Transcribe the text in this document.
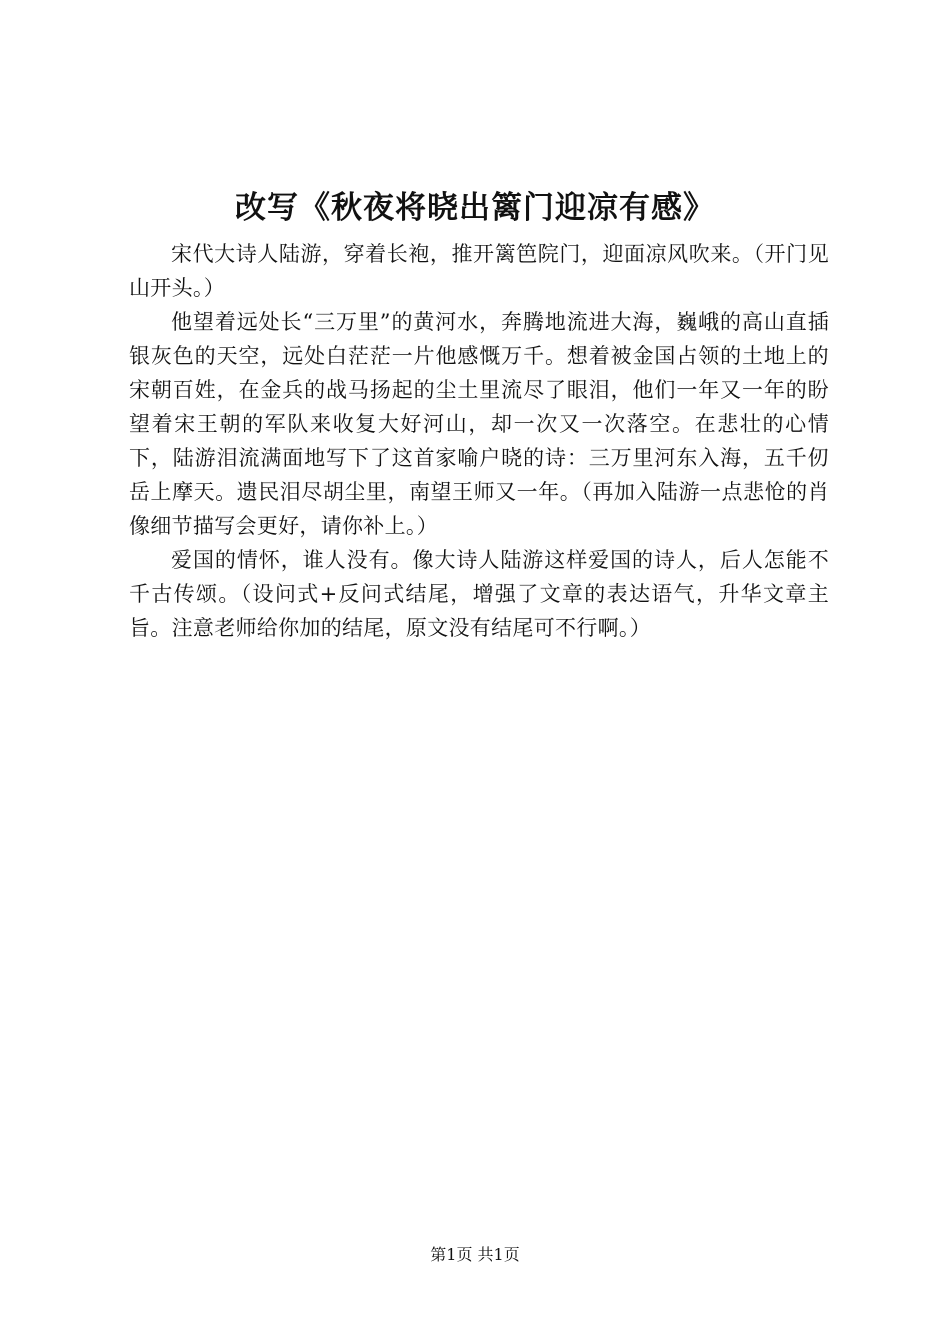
改写《秋夜将晓出篱门迎凉有感》

宋代大诗人陆游，穿着长袍，推开篱笆院门，迎面凉风吹来。（开门见山开头。）

他望着远处长“三万里”的黄河水，奔腾地流进大海，巍峨的高山直插银灰色的天空，远处白茫茫一片他感慨万千。想着被金国占领的土地上的宋朝百姓，在金兵的战马扬起的尘土里流尽了眼泪，他们一年又一年的盼望着宋王朝的军队来收复大好河山，却一次又一次落空。在悲壮的心情下，陆游泪流满面地写下了这首家喻户晓的诗：三万里河东入海，五千仞岳上摩天。遗民泪尽胡尘里，南望王师又一年。（再加入陆游一点悲怆的肖像细节描写会更好，请你补上。）

爱国的情怀，谁人没有。像大诗人陆游这样爱国的诗人，后人怎能不千古传颂。（设问式+反问式结尾，增强了文章的表达语气，升华文章主旨。注意老师给你加的结尾，原文没有结尾可不行啊。）

第1页 共1页
